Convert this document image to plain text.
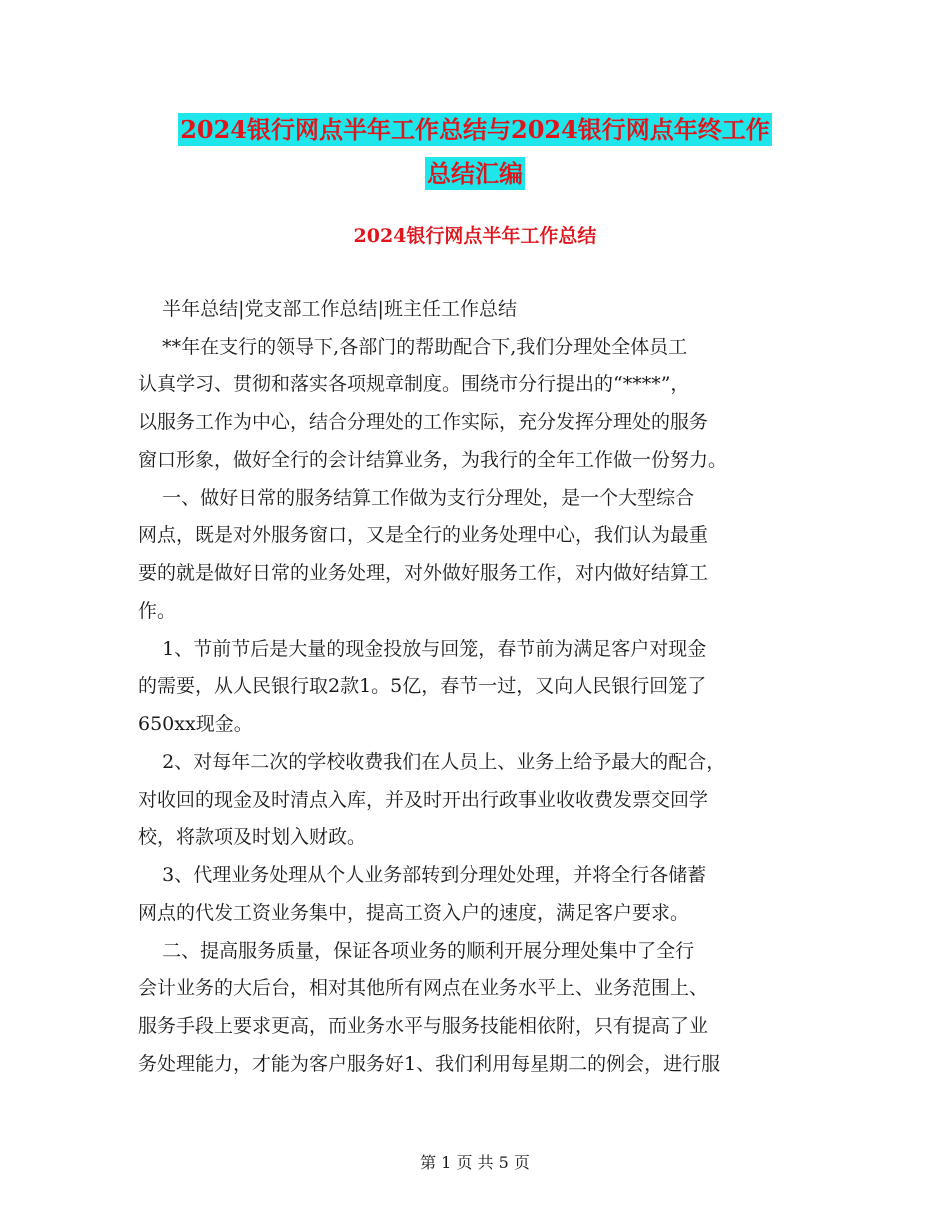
2024银行网点半年工作总结与2024银行网点年终工作
总结汇编
2024银行网点半年工作总结

半年总结|党支部工作总结|班主任工作总结

**年在支行的领导下,各部门的帮助配合下,我们分理处全体员工

认真学习、贯彻和落实各项规章制度。围绕市分行提出的“****”，

以服务工作为中心，结合分理处的工作实际，充分发挥分理处的服务

窗口形象，做好全行的会计结算业务，为我行的全年工作做一份努力。

一、做好日常的服务结算工作做为支行分理处，是一个大型综合

网点，既是对外服务窗口，又是全行的业务处理中心，我们认为最重

要的就是做好日常的业务处理，对外做好服务工作，对内做好结算工

作。

1、节前节后是大量的现金投放与回笼，春节前为满足客户对现金

的需要，从人民银行取2款1。5亿，春节一过，又向人民银行回笼了

650xx现金。

2、对每年二次的学校收费我们在人员上、业务上给予最大的配合，

对收回的现金及时清点入库，并及时开出行政事业收收费发票交回学

校，将款项及时划入财政。

3、代理业务处理从个人业务部转到分理处处理，并将全行各储蓄

网点的代发工资业务集中，提高工资入户的速度，满足客户要求。

二、提高服务质量，保证各项业务的顺利开展分理处集中了全行

会计业务的大后台，相对其他所有网点在业务水平上、业务范围上、

服务手段上要求更高，而业务水平与服务技能相依附，只有提高了业

务处理能力，才能为客户服务好1、我们利用每星期二的例会，进行服

第 1 页 共 5 页
